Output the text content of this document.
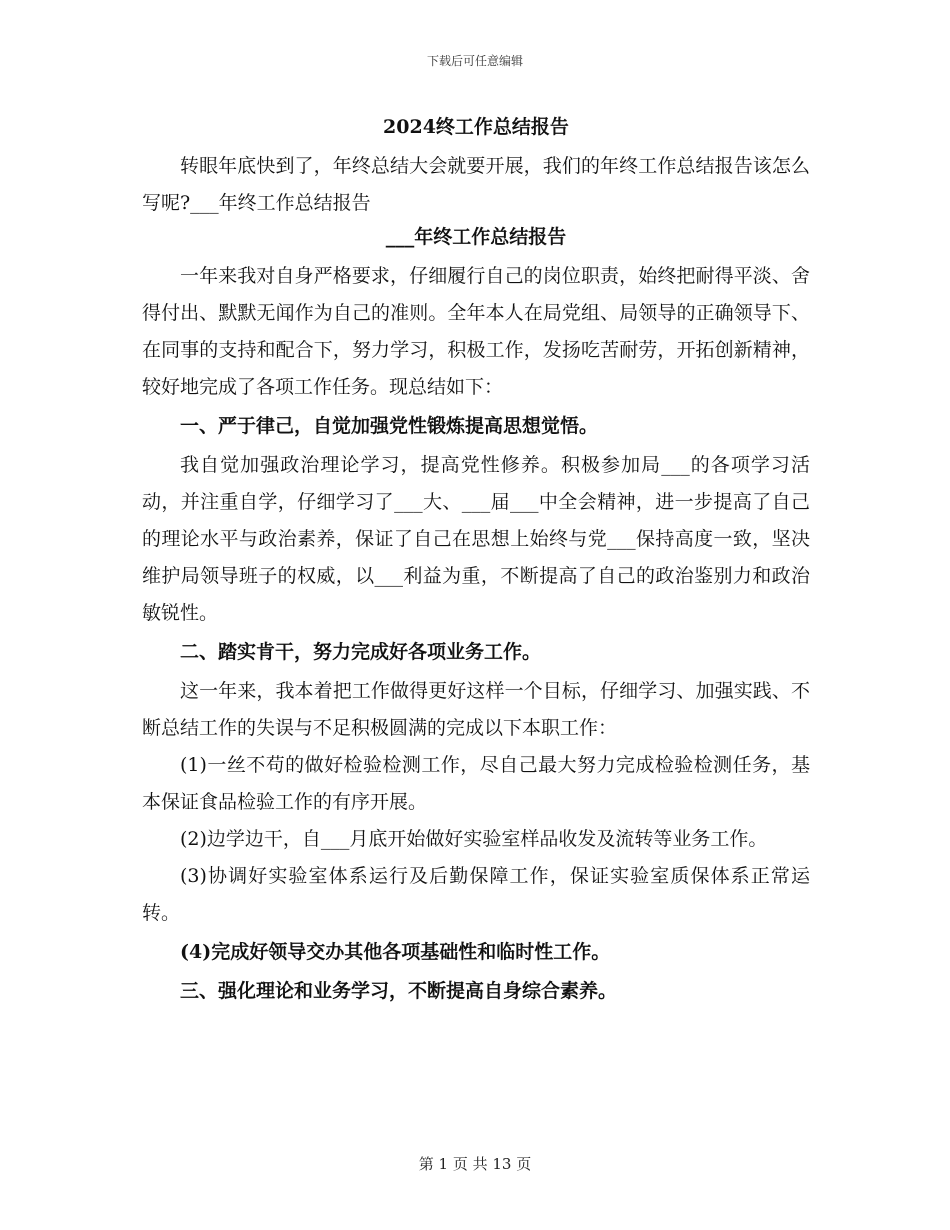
下载后可任意编辑
2024终工作总结报告

转眼年底快到了，年终总结大会就要开展，我们的年终工作总结报告该怎么写呢?___年终工作总结报告

___年终工作总结报告

一年来我对自身严格要求，仔细履行自己的岗位职责，始终把耐得平淡、舍得付出、默默无闻作为自己的准则。全年本人在局党组、局领导的正确领导下、在同事的支持和配合下，努力学习，积极工作，发扬吃苦耐劳，开拓创新精神，较好地完成了各项工作任务。现总结如下：

一、严于律己，自觉加强党性锻炼提高思想觉悟。

我自觉加强政治理论学习，提高党性修养。积极参加局___的各项学习活动，并注重自学，仔细学习了___大、___届___中全会精神，进一步提高了自己的理论水平与政治素养，保证了自己在思想上始终与党___保持高度一致，坚决维护局领导班子的权威，以___利益为重，不断提高了自己的政治鉴别力和政治敏锐性。

二、踏实肯干，努力完成好各项业务工作。

这一年来，我本着把工作做得更好这样一个目标，仔细学习、加强实践、不断总结工作的失误与不足积极圆满的完成以下本职工作：

(1)一丝不苟的做好检验检测工作，尽自己最大努力完成检验检测任务，基本保证食品检验工作的有序开展。

(2)边学边干，自___月底开始做好实验室样品收发及流转等业务工作。

(3)协调好实验室体系运行及后勤保障工作，保证实验室质保体系正常运转。

(4)完成好领导交办其他各项基础性和临时性工作。

三、强化理论和业务学习，不断提高自身综合素养。

第 1 页 共 13 页
